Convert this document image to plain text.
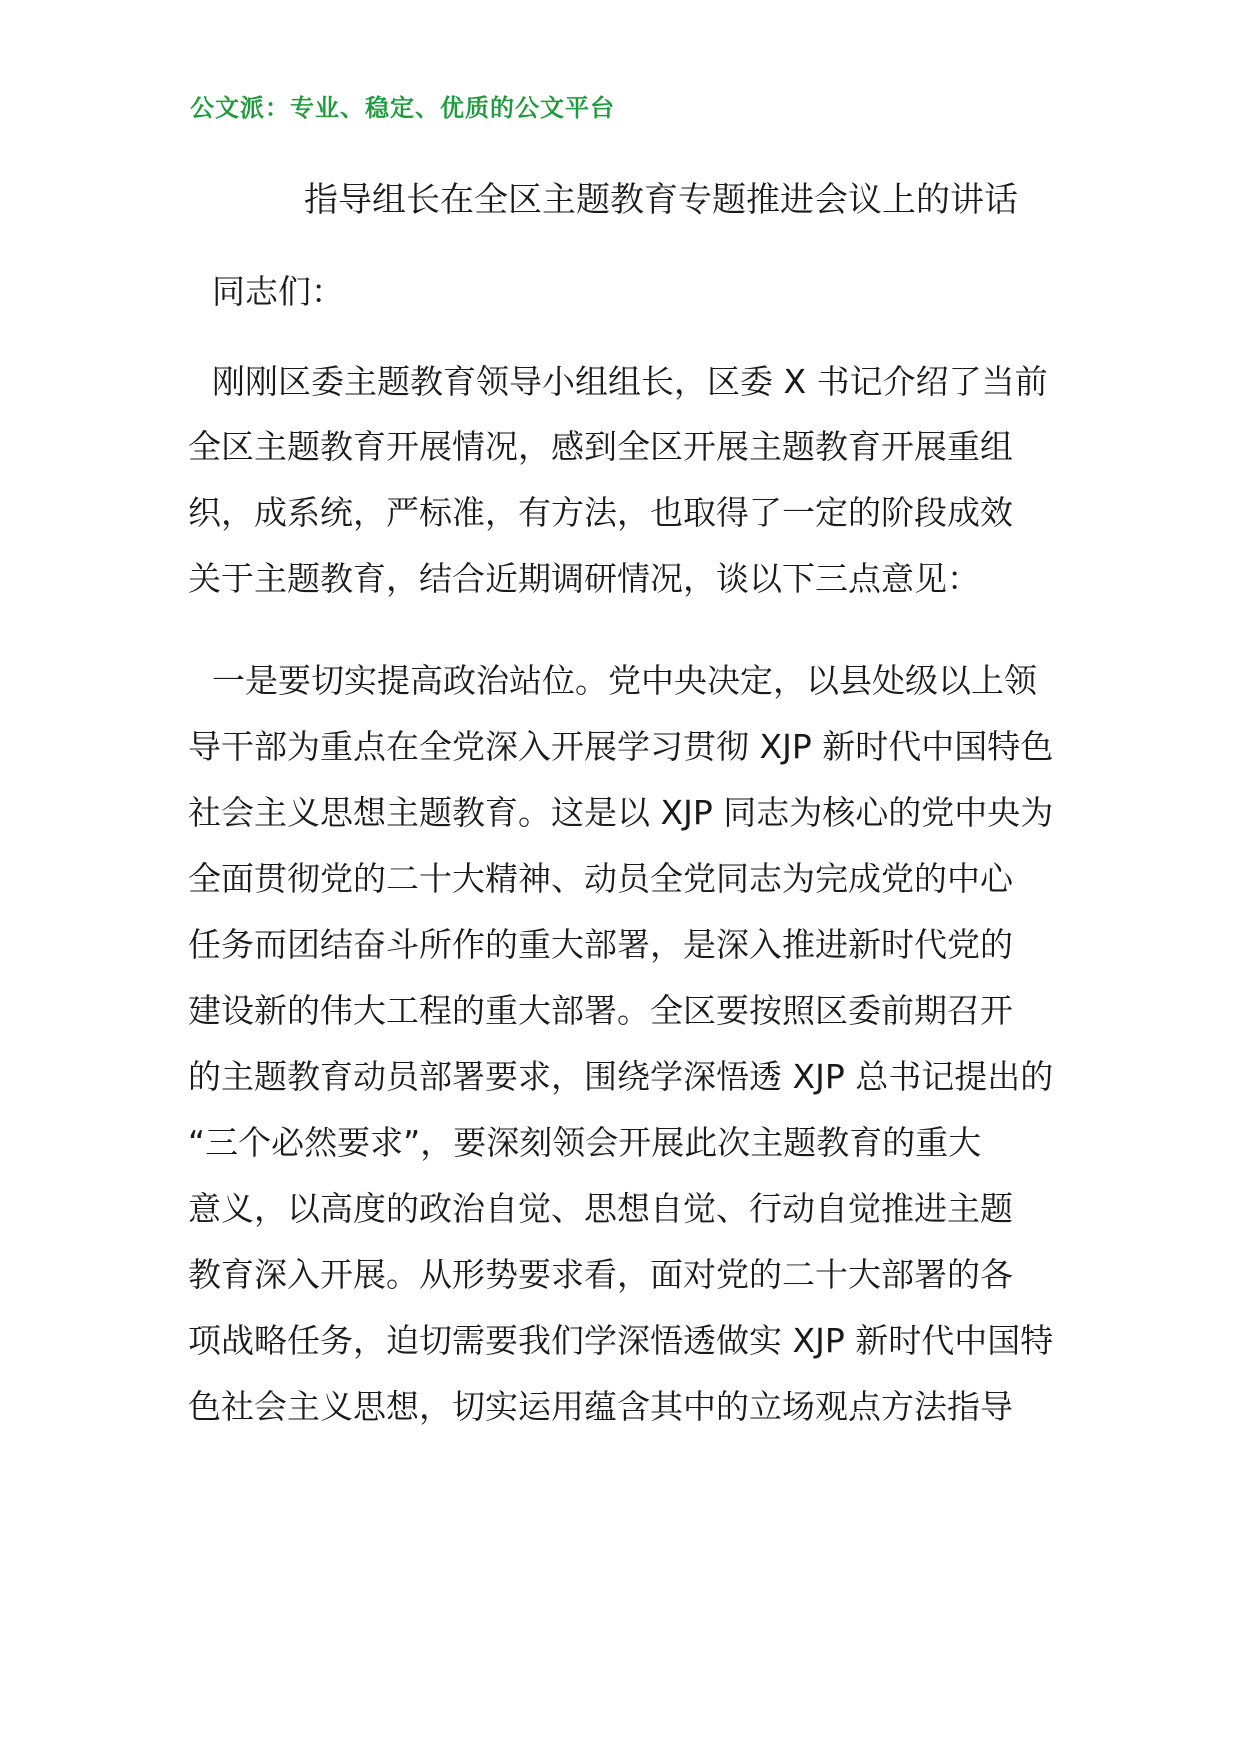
公文派：专业、稳定、优质的公文平台
指导组长在全区主题教育专题推进会议上的讲话
同志们：
刚刚区委主题教育领导小组组长，区委 X 书记介绍了当前
全区主题教育开展情况，感到全区开展主题教育开展重组
织，成系统，严标准，有方法，也取得了一定的阶段成效
关于主题教育，结合近期调研情况，谈以下三点意见：
一是要切实提高政治站位。党中央决定，以县处级以上领
导干部为重点在全党深入开展学习贯彻 XJP 新时代中国特色
社会主义思想主题教育。这是以 XJP 同志为核心的党中央为
全面贯彻党的二十大精神、动员全党同志为完成党的中心
任务而团结奋斗所作的重大部署，是深入推进新时代党的
建设新的伟大工程的重大部署。全区要按照区委前期召开
的主题教育动员部署要求，围绕学深悟透 XJP 总书记提出的
“三个必然要求”，要深刻领会开展此次主题教育的重大
意义，以高度的政治自觉、思想自觉、行动自觉推进主题
教育深入开展。从形势要求看，面对党的二十大部署的各
项战略任务，迫切需要我们学深悟透做实 XJP 新时代中国特
色社会主义思想，切实运用蕴含其中的立场观点方法指导
